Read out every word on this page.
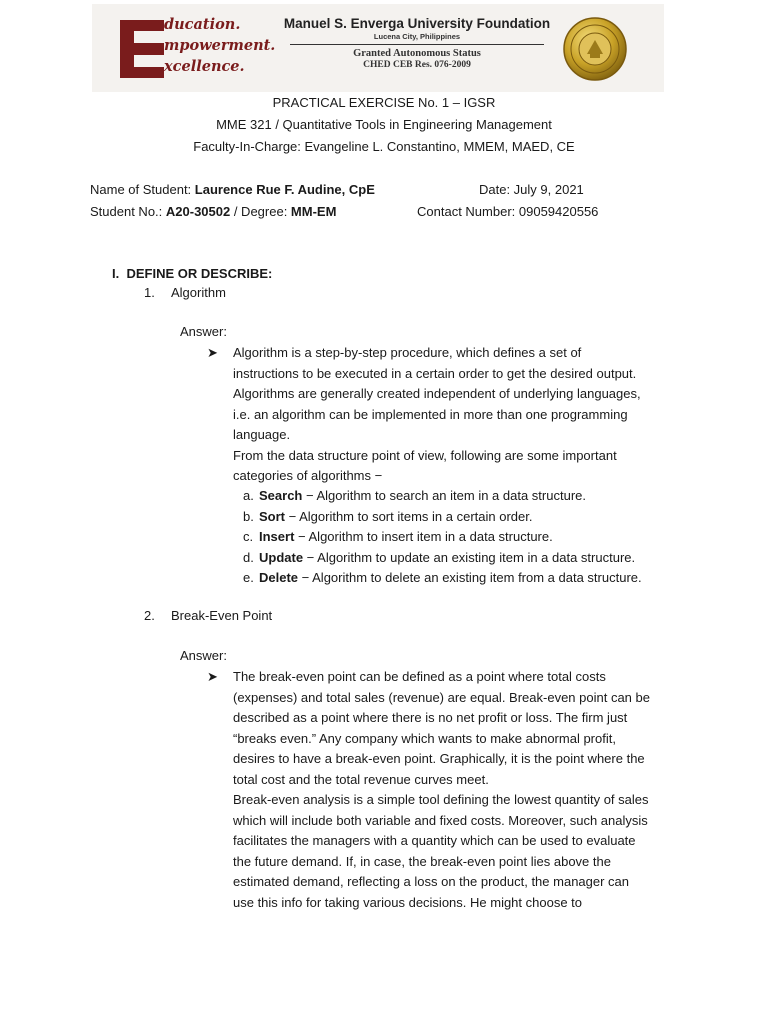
ducation.
mpowerment.
xcellence.
Manuel S. Enverga University Foundation
Lucena City, Philippines
Granted Autonomous Status
CHED CEB Res. 076-2009
PRACTICAL EXERCISE No. 1 – IGSR
MME 321 / Quantitative Tools in Engineering Management
Faculty-In-Charge: Evangeline L. Constantino, MMEM, MAED, CE
Name of Student: Laurence Rue F. Audine, CpE	Date: July 9, 2021
Student No.: A20-30502 / Degree: MM-EM	Contact Number: 09059420556
I. DEFINE OR DESCRIBE:
1. Algorithm
Answer:
➤ Algorithm is a step-by-step procedure, which defines a set of
instructions to be executed in a certain order to get the desired output.
Algorithms are generally created independent of underlying languages,
i.e. an algorithm can be implemented in more than one programming
language.
From the data structure point of view, following are some important
categories of algorithms −
a. Search − Algorithm to search an item in a data structure.
b. Sort − Algorithm to sort items in a certain order.
c. Insert − Algorithm to insert item in a data structure.
d. Update − Algorithm to update an existing item in a data structure.
e. Delete − Algorithm to delete an existing item from a data structure.
2. Break-Even Point
Answer:
➤ The break-even point can be defined as a point where total costs
(expenses) and total sales (revenue) are equal. Break-even point can be
described as a point where there is no net profit or loss. The firm just
“breaks even.” Any company which wants to make abnormal profit,
desires to have a break-even point. Graphically, it is the point where the
total cost and the total revenue curves meet.
Break-even analysis is a simple tool defining the lowest quantity of sales
which will include both variable and fixed costs. Moreover, such analysis
facilitates the managers with a quantity which can be used to evaluate
the future demand. If, in case, the break-even point lies above the
estimated demand, reflecting a loss on the product, the manager can
use this info for taking various decisions. He might choose to
